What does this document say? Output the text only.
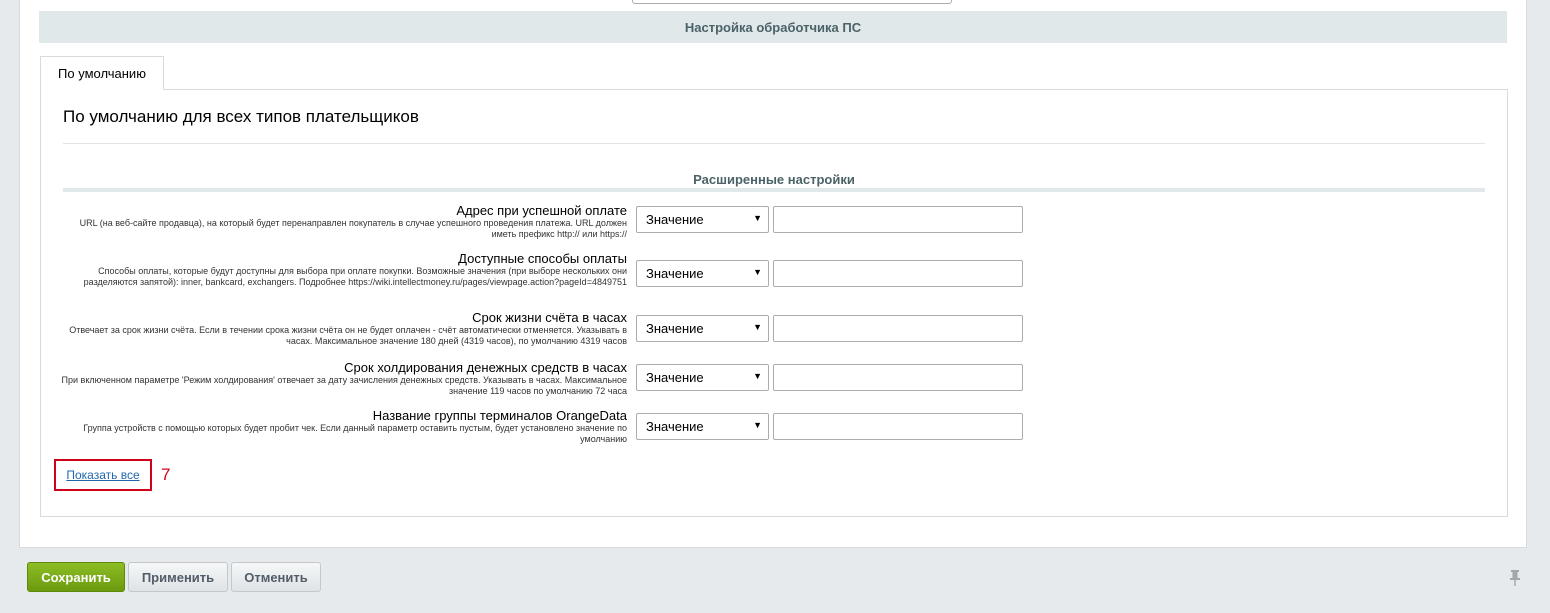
Настройка обработчика ПС
По умолчанию
По умолчанию для всех типов плательщиков
Расширенные настройки
Адрес при успешной оплате
URL (на веб-сайте продавца), на который будет перенаправлен покупатель в случае успешного проведения платежа. URL должен иметь префикс http:// или https://
Значение	▼
Доступные способы оплаты
Способы оплаты, которые будут доступны для выбора при оплате покупки. Возможные значения (при выборе нескольких они разделяются запятой): inner, bankcard, exchangers. Подробнее https://wiki.intellectmoney.ru/pages/viewpage.action?pageId=4849751
Значение	▼
Срок жизни счёта в часах
Отвечает за срок жизни счёта. Если в течении срока жизни счёта он не будет оплачен - счёт автоматически отменяется. Указывать в часах. Максимальное значение 180 дней (4319 часов), по умолчанию 4319 часов
Значение	▼
Срок холдирования денежных средств в часах
При включенном параметре 'Режим холдирования' отвечает за дату зачисления денежных средств. Указывать в часах. Максимальное значение 119 часов по умолчанию 72 часа
Значение	▼
Название группы терминалов OrangeData
Группа устройств с помощью которых будет пробит чек. Если данный параметр оставить пустым, будет установлено значение по умолчанию
Значение	▼
Показать все 7
Сохранить	Применить	Отменить
